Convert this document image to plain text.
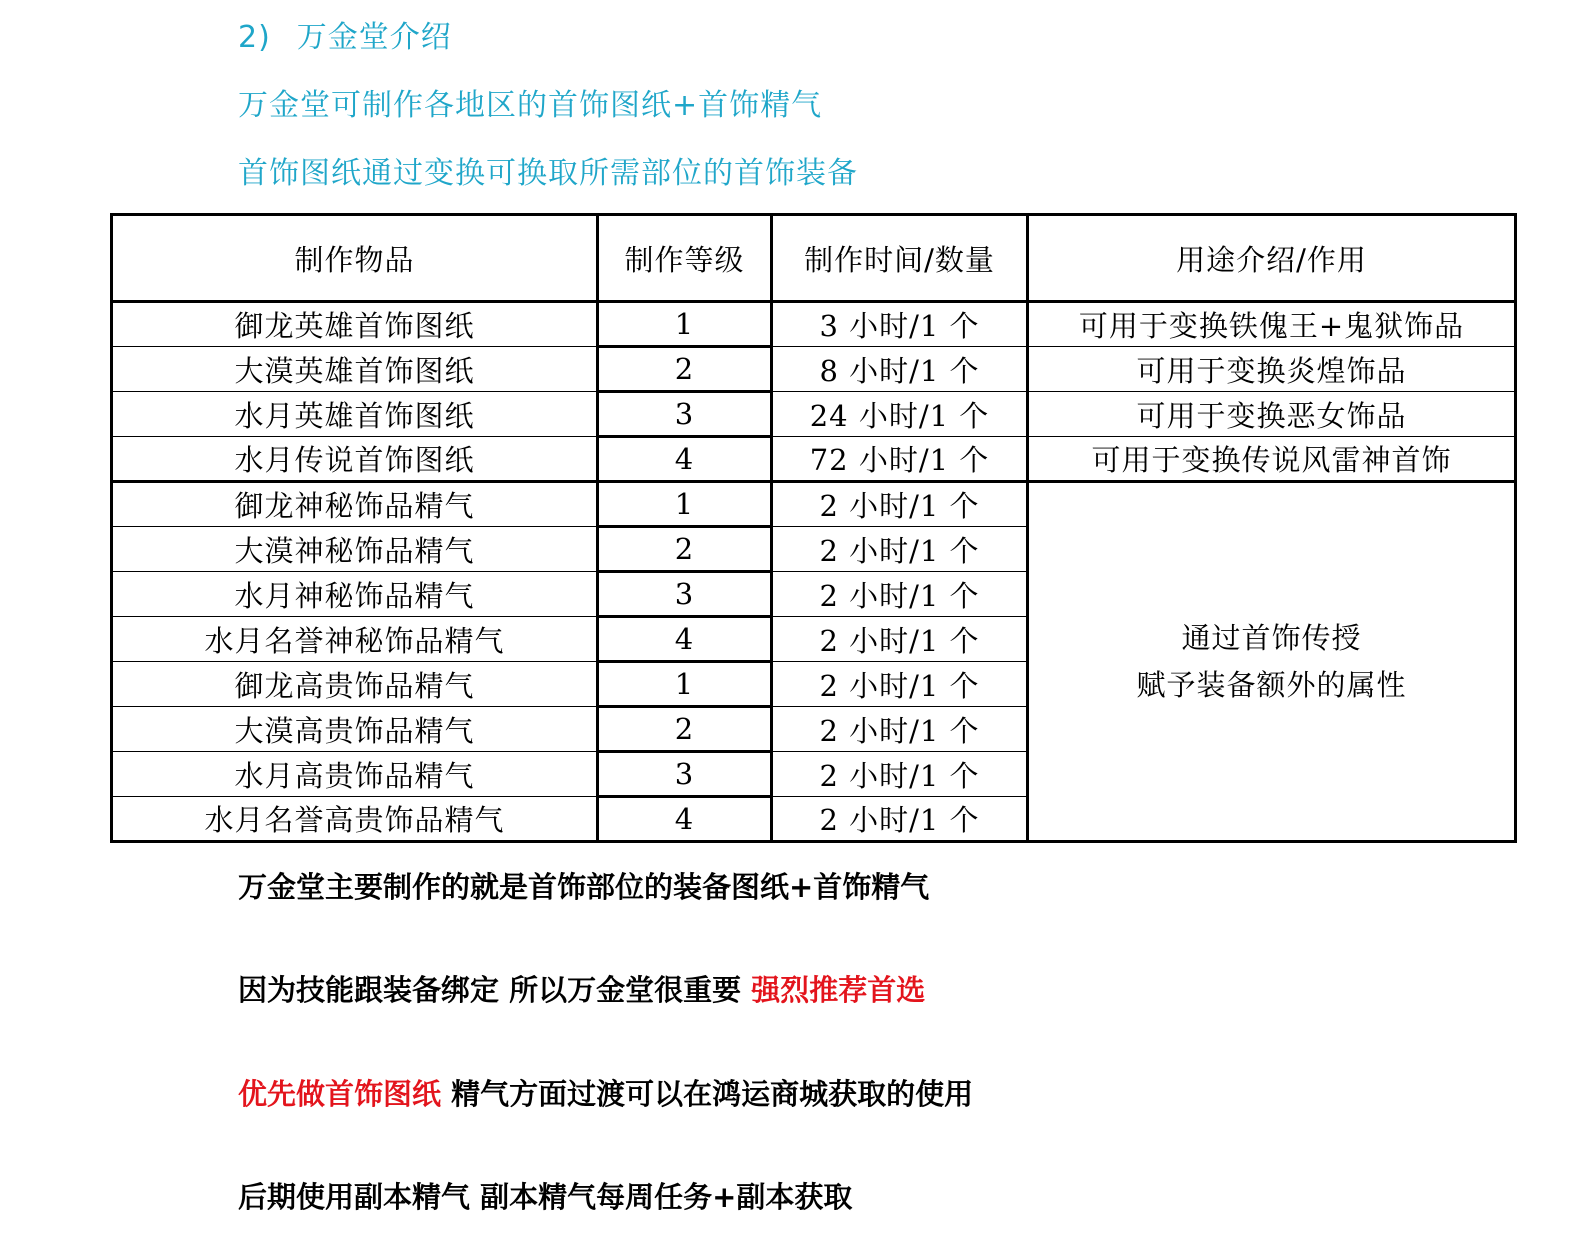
2) 万金堂介绍
万金堂可制作各地区的首饰图纸+首饰精气
首饰图纸通过变换可换取所需部位的首饰装备
制作物品	制作等级	制作时间/数量	用途介绍/作用
御龙英雄首饰图纸	1	3 小时/1 个	可用于变换铁傀王+鬼狱饰品
大漠英雄首饰图纸	2	8 小时/1 个	可用于变换炎煌饰品
水月英雄首饰图纸	3	24 小时/1 个	可用于变换恶女饰品
水月传说首饰图纸	4	72 小时/1 个	可用于变换传说风雷神首饰
御龙神秘饰品精气	1	2 小时/1 个	通过首饰传授
赋予装备额外的属性

大漠神秘饰品精气	2	2 小时/1 个	
水月神秘饰品精气	3	2 小时/1 个	
水月名誉神秘饰品精气	4	2 小时/1 个	
御龙高贵饰品精气	1	2 小时/1 个	
大漠高贵饰品精气	2	2 小时/1 个	
水月高贵饰品精气	3	2 小时/1 个	
水月名誉高贵饰品精气	4	2 小时/1 个	
万金堂主要制作的就是首饰部位的装备图纸+首饰精气
因为技能跟装备绑定 所以万金堂很重要 强烈推荐首选
优先做首饰图纸 精气方面过渡可以在鸿运商城获取的使用
后期使用副本精气 副本精气每周任务+副本获取
